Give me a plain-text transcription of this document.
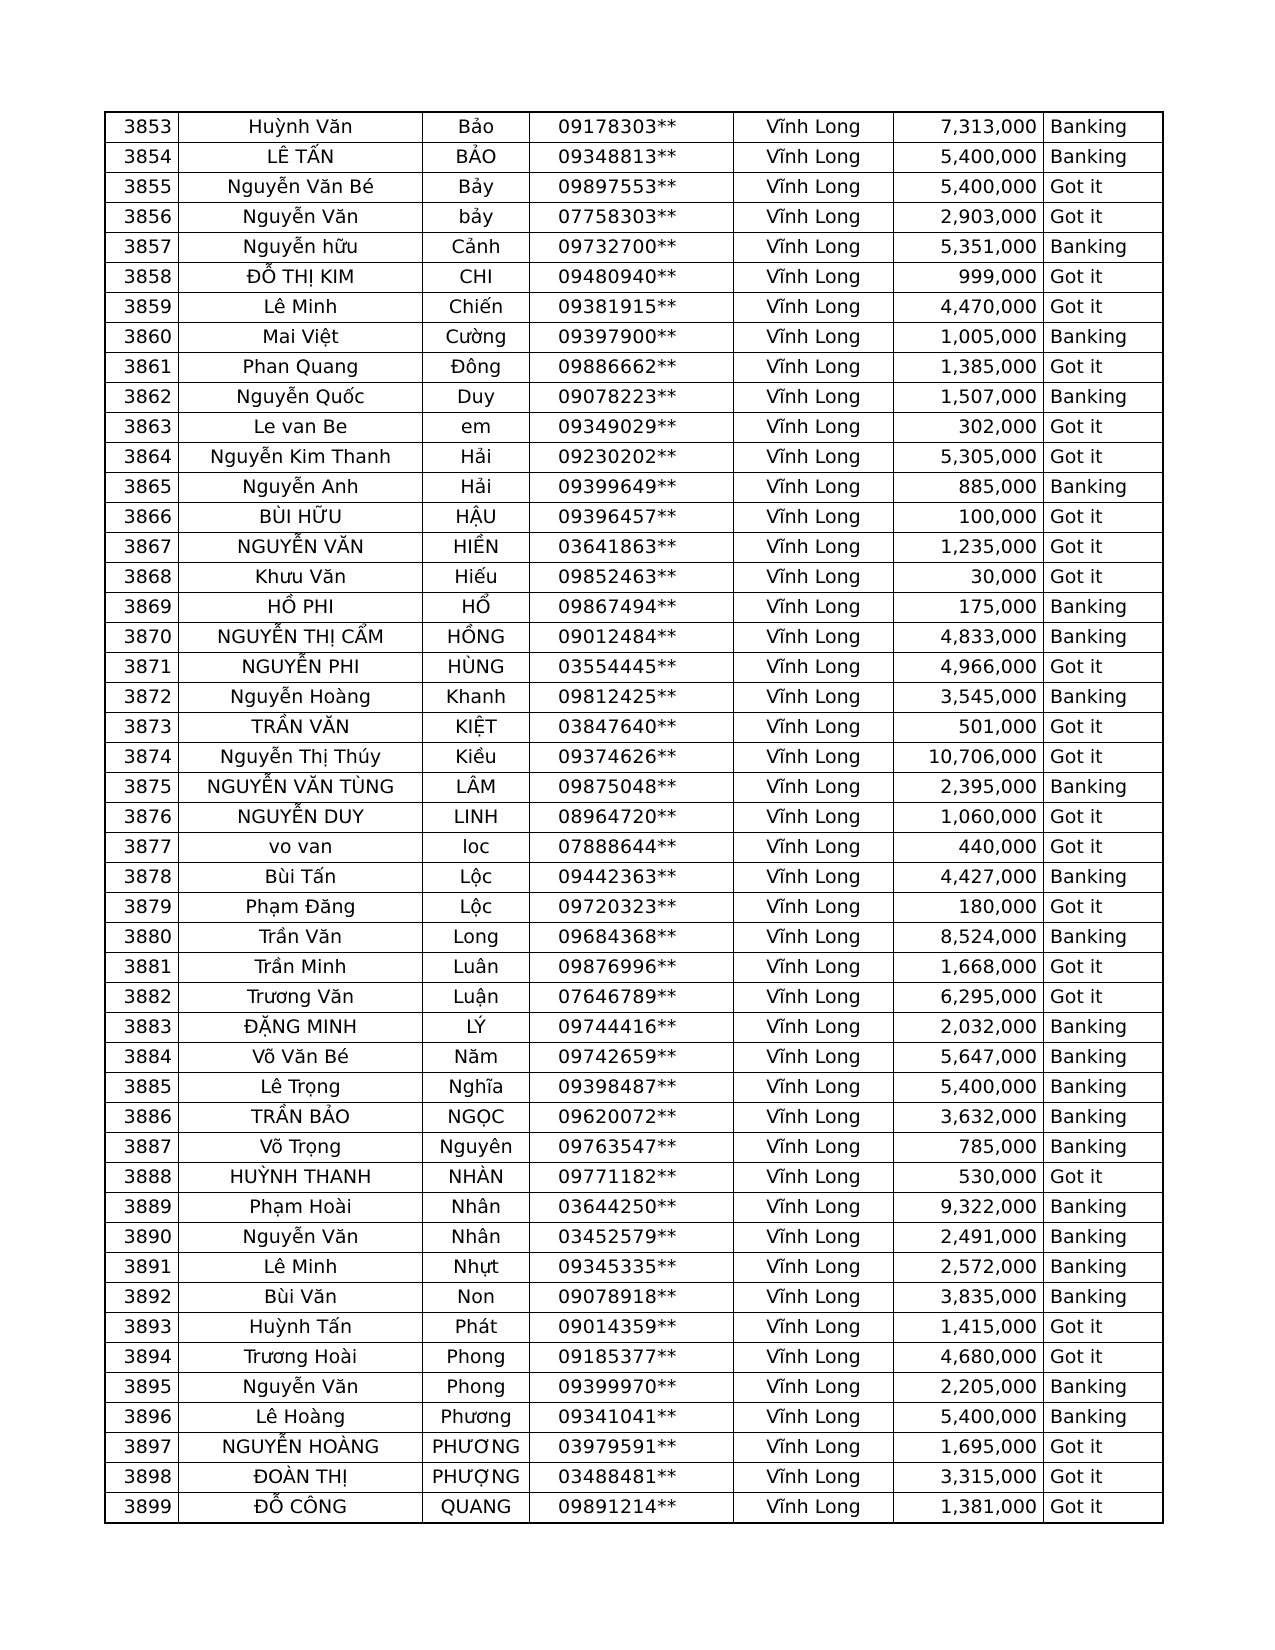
3853	Huỳnh Văn	Bảo	09178303**	Vĩnh Long	7,313,000	Banking
3854	LÊ TẤN	BẢO	09348813**	Vĩnh Long	5,400,000	Banking
3855	Nguyễn Văn Bé	Bảy	09897553**	Vĩnh Long	5,400,000	Got it
3856	Nguyễn Văn	bảy	07758303**	Vĩnh Long	2,903,000	Got it
3857	Nguyễn hữu	Cảnh	09732700**	Vĩnh Long	5,351,000	Banking
3858	ĐỖ THỊ KIM	CHI	09480940**	Vĩnh Long	999,000	Got it
3859	Lê Minh	Chiến	09381915**	Vĩnh Long	4,470,000	Got it
3860	Mai Việt	Cường	09397900**	Vĩnh Long	1,005,000	Banking
3861	Phan Quang	Đông	09886662**	Vĩnh Long	1,385,000	Got it
3862	Nguyễn Quốc	Duy	09078223**	Vĩnh Long	1,507,000	Banking
3863	Le van Be	em	09349029**	Vĩnh Long	302,000	Got it
3864	Nguyễn Kim Thanh	Hải	09230202**	Vĩnh Long	5,305,000	Got it
3865	Nguyễn Anh	Hải	09399649**	Vĩnh Long	885,000	Banking
3866	BÙI HỮU	HẬU	09396457**	Vĩnh Long	100,000	Got it
3867	NGUYỄN VĂN	HIỀN	03641863**	Vĩnh Long	1,235,000	Got it
3868	Khưu Văn	Hiếu	09852463**	Vĩnh Long	30,000	Got it
3869	HỒ PHI	HỔ	09867494**	Vĩnh Long	175,000	Banking
3870	NGUYỄN THỊ CẨM	HỒNG	09012484**	Vĩnh Long	4,833,000	Banking
3871	NGUYỄN PHI	HÙNG	03554445**	Vĩnh Long	4,966,000	Got it
3872	Nguyễn Hoàng	Khanh	09812425**	Vĩnh Long	3,545,000	Banking
3873	TRẦN VĂN	KIỆT	03847640**	Vĩnh Long	501,000	Got it
3874	Nguyễn Thị Thúy	Kiều	09374626**	Vĩnh Long	10,706,000	Got it
3875	NGUYỄN VĂN TÙNG	LÂM	09875048**	Vĩnh Long	2,395,000	Banking
3876	NGUYỄN DUY	LINH	08964720**	Vĩnh Long	1,060,000	Got it
3877	vo van	loc	07888644**	Vĩnh Long	440,000	Got it
3878	Bùi Tấn	Lộc	09442363**	Vĩnh Long	4,427,000	Banking
3879	Phạm Đăng	Lộc	09720323**	Vĩnh Long	180,000	Got it
3880	Trần Văn	Long	09684368**	Vĩnh Long	8,524,000	Banking
3881	Trần Minh	Luân	09876996**	Vĩnh Long	1,668,000	Got it
3882	Trương Văn	Luận	07646789**	Vĩnh Long	6,295,000	Got it
3883	ĐẶNG MINH	LÝ	09744416**	Vĩnh Long	2,032,000	Banking
3884	Võ Văn Bé	Năm	09742659**	Vĩnh Long	5,647,000	Banking
3885	Lê Trọng	Nghĩa	09398487**	Vĩnh Long	5,400,000	Banking
3886	TRẦN BẢO	NGỌC	09620072**	Vĩnh Long	3,632,000	Banking
3887	Võ Trọng	Nguyên	09763547**	Vĩnh Long	785,000	Banking
3888	HUỲNH THANH	NHÀN	09771182**	Vĩnh Long	530,000	Got it
3889	Phạm Hoài	Nhân	03644250**	Vĩnh Long	9,322,000	Banking
3890	Nguyễn Văn	Nhân	03452579**	Vĩnh Long	2,491,000	Banking
3891	Lê Minh	Nhựt	09345335**	Vĩnh Long	2,572,000	Banking
3892	Bùi Văn	Non	09078918**	Vĩnh Long	3,835,000	Banking
3893	Huỳnh Tấn	Phát	09014359**	Vĩnh Long	1,415,000	Got it
3894	Trương Hoài	Phong	09185377**	Vĩnh Long	4,680,000	Got it
3895	Nguyễn Văn	Phong	09399970**	Vĩnh Long	2,205,000	Banking
3896	Lê Hoàng	Phương	09341041**	Vĩnh Long	5,400,000	Banking
3897	NGUYỄN HOÀNG	PHƯƠNG	03979591**	Vĩnh Long	1,695,000	Got it
3898	ĐOÀN THỊ	PHƯỢNG	03488481**	Vĩnh Long	3,315,000	Got it
3899	ĐỖ CÔNG	QUANG	09891214**	Vĩnh Long	1,381,000	Got it
